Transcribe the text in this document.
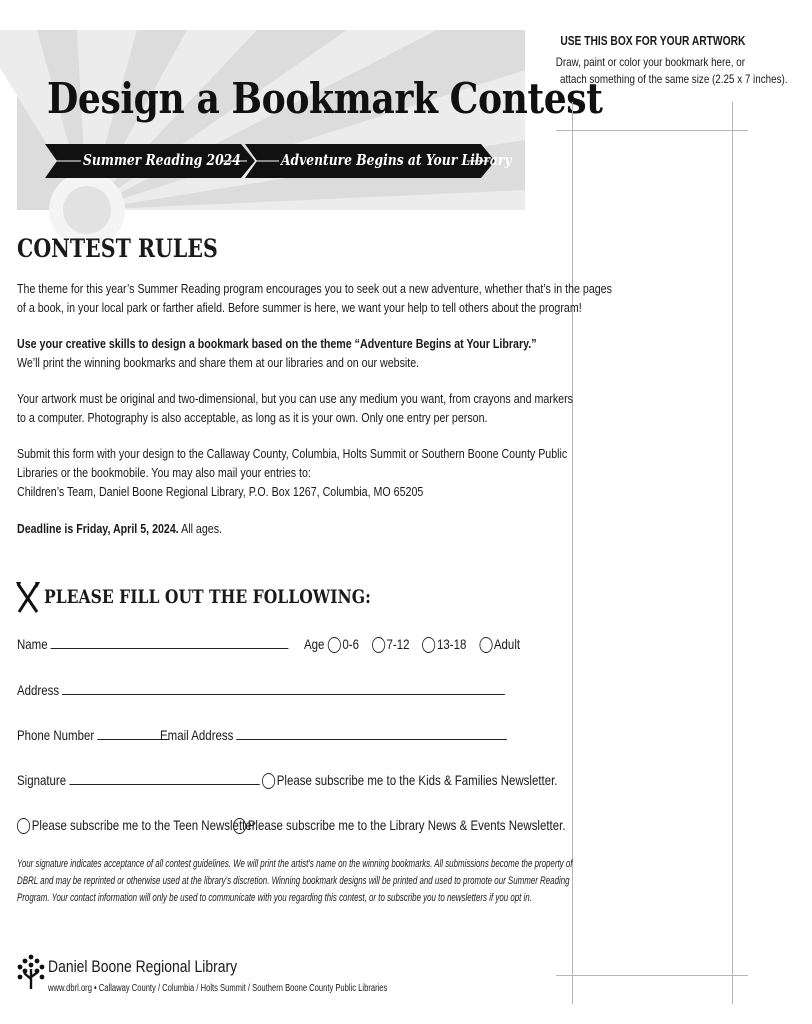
Design a Bookmark Contest
Summer Reading 2024	Adventure Begins at Your Library
USE THIS BOX FOR YOUR ARTWORK
Draw, paint or color your bookmark here, or
attach something of the same size (2.25 x 7 inches).
CONTEST RULES
The theme for this year’s Summer Reading program encourages you to seek out a new adventure, whether that’s in the pages
of a book, in your local park or farther afield. Before summer is here, we want your help to tell others about the program!
Use your creative skills to design a bookmark based on the theme “Adventure Begins at Your Library.”
We’ll print the winning bookmarks and share them at our libraries and on our website.
Your artwork must be original and two-dimensional, but you can use any medium you want, from crayons and markers
to a computer. Photography is also acceptable, as long as it is your own. Only one entry per person.
Submit this form with your design to the Callaway County, Columbia, Holts Summit or Southern Boone County Public
Libraries or the bookmobile. You may also mail your entries to:
Children’s Team, Daniel Boone Regional Library, P.O. Box 1267, Columbia, MO 65205
Deadline is Friday, April 5, 2024. All ages.
PLEASE FILL OUT THE FOLLOWING:
Name	Age 0-6 7-12 13-18 Adult
Address
Phone Number	Email Address
Signature	Please subscribe me to the Kids & Families Newsletter.
Please subscribe me to the Teen Newsletter.
Please subscribe me to the Library News & Events Newsletter.
Your signature indicates acceptance of all contest guidelines. We will print the artist’s name on the winning bookmarks. All submissions become the property of
DBRL and may be reprinted or otherwise used at the library’s discretion. Winning bookmark designs will be printed and used to promote our Summer Reading
Program. Your contact information will only be used to communicate with you regarding this contest, or to subscribe you to newsletters if you opt in.
Daniel Boone Regional Library
www.dbrl.org • Callaway County / Columbia / Holts Summit / Southern Boone County Public Libraries
